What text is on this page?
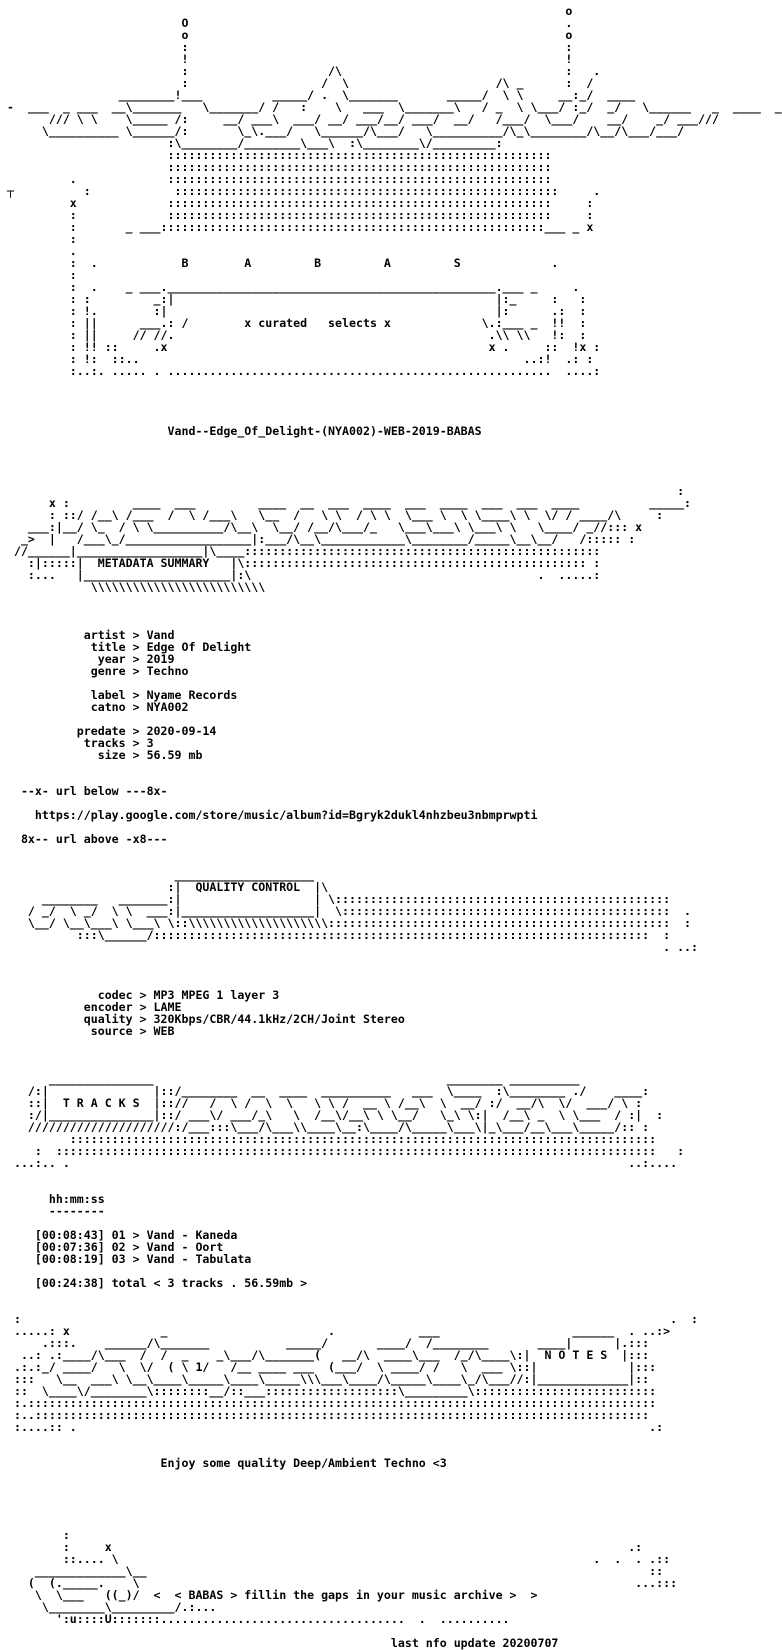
o
O                                                      .
o                                                      o
:                                                      :
!                                                      !
:                    /\                                :   .
:                   /  \                     /\ _      :  /
________!___          _____/ .  \_______       _____/  \ \     __:_/  ____
-  ___  _ ___  __\_______   \_______/ /   :    \   ___  \_______\   / _  \ \___/ :_/  _/   \______   _  ____  _
/// \ \    \_____ /:     __/ ___\  ___/ __/ ___/__/ ___/  __/   /___/  \___/    __/    _/ ___///
\__________ \______/:       \_\.___/   \______/\___/   \__________/\_\________/\__/\___/___/
:\________/________\___\  :\________\/_________:
:::::::::::::::::::::::::::::::::::::::::::::::::::::::
:::::::::::::::::::::::::::::::::::::::::::::::::::::::
.             :::::::::::::::::::::::::::::::::::::::::::::::::::::::
┬          :            :::::::::::::::::::::::::::::::::::::::::::::::::::::::     .
x             :::::::::::::::::::::::::::::::::::::::::::::::::::::::     :
:             :::::::::::::::::::::::::::::::::::::::::::::::::::::::     :
:       _ ___:::::::::::::::::::::::::::::::::::::::::::::::::::::::___ _ x
:
.
:  .            B        A         B         A         S             .
:
:  .    _ ___._______________________________________________.___ _     .
: :         _:|                                              |:_     :   :
: !.        :|                                               |:      .:  :
: ||      ___.: /        x curated   selects x             \.:___ _  !!  :
: ||     // //.                                             .\\ \\   !:  :
: !! ::     .x                                              x .     ::  !x :
: !:  ::..                                                       ..:!  .: :
:..:. ..... . .......................................................  ....:
Vand--Edge_Of_Delight-(NYA002)-WEB-2019-BABAS
:
x :         ____  ___         ____  __  ___  ____  ___  ____  ___  ___  ____          _____:
: ::/ /__\ /___  /  \ /___\   \__  /   \ \  / \ \  \___ \  \ \____\ \  \/ / ____/\     :
___:|__/ \_  / \ \__________/\__\  \__/ /__/\___/_   \___\___\ \___\ \   \____/ _//::: x
_>  |   /___\_/__________________|:___/\__\____________\________/_____\__\__/   /::::: :
//______|__________________|\____:::::::::::::::::::::::::::::::::::::::::::::::::::
:|:::::|  METADATA SUMMARY   |\::::::::::::::::::::::::::::::::::::::::::::::::: :
:...   |_____________________|:\                                         .  .....:
\\\\\\\\\\\\\\\\\\\\\\\\\
artist > Vand
title > Edge Of Delight
year > 2019
genre > Techno
label > Nyame Records
catno > NYA002
predate > 2020-09-14
tracks > 3
size > 56.59 mb
--x- url below ---8x-
https://play.google.com/store/music/album?id=Bgryk2dukl4nhzbeu3nbmprwpti
8x-- url above -x8---
____________________
:|  QUALITY CONTROL  |\
________   _______:|                   | \::::::::::::::::::::::::::::::::::::::::::::::::
/ _/  \ _/  \ \  ___:|___________________|  \:::::::::::::::::::::::::::::::::::::::::::::::  .
\__/ \__\___\ \___\ \::\\\\\\\\\\\\\\\\\\\\:::::::::::::::::::::::::::::::::::::::::::::::::  :
:::\______/:::::::::::::::::::::::::::::::::::::::::::::::::::::::::::::::::::::::  :
. ..:
codec > MP3 MPEG 1 layer 3
encoder > LAME
quality > 320Kbps/CBR/44.1kHz/2CH/Joint Stereo
source > WEB
_______________                                          ________ __________
/:|               |::/________  __  ____  __________   ___  \____  :\________ ./    ____:
::|  T R A C K S  |:://   /  \ /  \  \   \ \ /  __ \ /__\  \  __/ :/  __/\  \/  ___/ \ :
:/|_______________|::/ ___\/ ___/_\   \  /__\/__\ \ \__/   \_\ \:|  /__\ _  \ \___  / :|  :
/////////////////////:/___:::\___/\___\\____\__:\____/\_____\___\|_\___/__\___\_____/:: :
::::::::::::::::::::::::::::::::::::::::::::::::::::::::::::::::::::::::::::::::::::
:  ::::::::::::::::::::::::::::::::::::::::::::::::::::::::::::::::::::::::::::::::::::::   :
...:.. .                                                                                ..:....
hh:mm:ss
--------
[00:08:43] 01 > Vand - Kaneda
[00:07:36] 02 > Vand - Oort
[00:08:19] 03 > Vand - Tabulata
[00:24:38] total < 3 tracks . 56.59mb >
:                                                                                             .  :
.....: x             _                       .            ___                   ______  . ..:>
.:::.    ______/\_______           _____/       ____/  /________       ____|      |.:::
..: .:____/\___  /  /  _    _\___/\_______(   __/\  ____\___  /_/\____\:|  N O T E S  |:::
.:.:_/ ____/   \  \/  ( \ 1/   /__ ____ ___  (___/  \ ____/ /   \  ___ \::|             |:::
:::   \__  ___\ \__\____\_____\____\_____\\\___\____/\_____\____\_/\___//:|_____________|::
::  \____\/________\::::::::__/::___:::::::::::::::::::\_________\::::::::::::::::::::::::::
:.::::::::::::::::::::::::::::::::::::::::::::::::::::::::::::::::::::::::::::::::::::::::::
:..::::::::::::::::::::::::::::::::::::::::::::::::::::::::::::::::::::::::::::::::::::::::
:....:: .                                                                                  .:
Enjoy some quality Deep/Ambient Techno <3
:
:     x                                                                          .:
::.... \                                                                    .  .  . .::
_____________\__                                                                        ::
(  (._____.    \                                                                       ...:::
\  \___   ((_)/  <  < BABAS > fillin the gaps in your music archive >  >
\________\_________/.:...
':u::::U:::::::...................................  .  ..........
last nfo update 20200707
